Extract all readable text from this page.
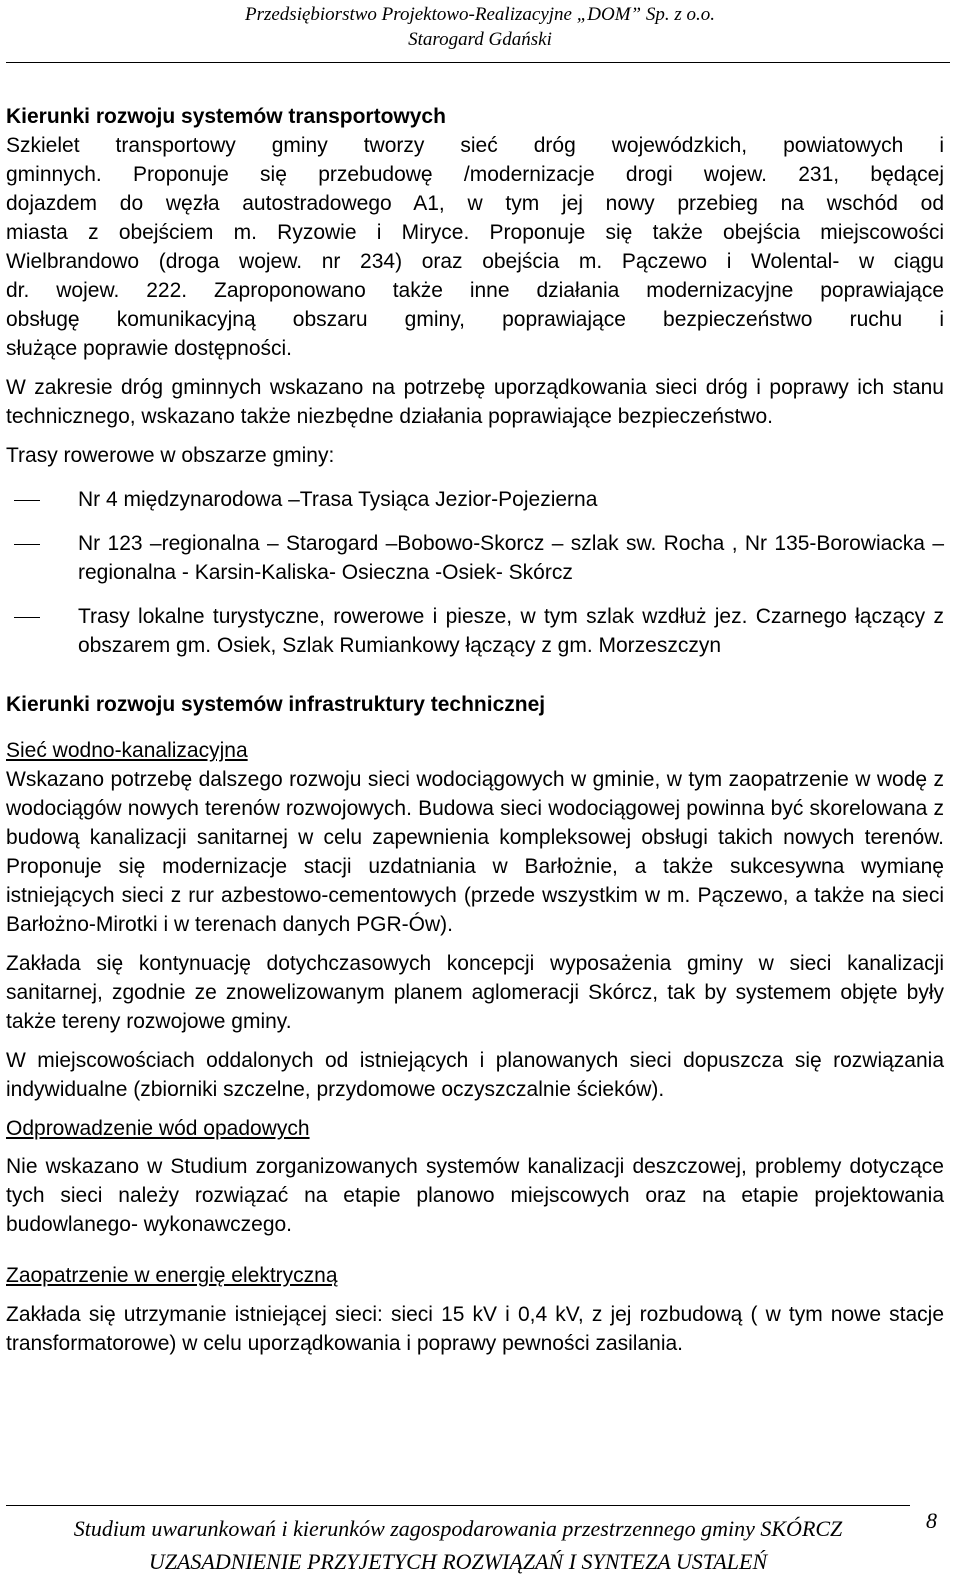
Przedsiębiorstwo Projektowo-Realizacyjne „DOM” Sp. z o.o.
Starogard Gdański

Kierunki rozwoju systemów transportowych

Szkielet transportowy gminy tworzy sieć dróg wojewódzkich, powiatowych i
gminnych. Proponuje się przebudowę /modernizacje drogi wojew. 231, będącej
dojazdem do węzła autostradowego A1, w tym jej nowy przebieg na wschód od
miasta z obejściem m. Ryzowie i Miryce. Proponuje się także obejścia miejscowości
Wielbrandowo (droga wojew. nr 234) oraz obejścia m. Pączewo i Wolental- w ciągu
dr. wojew. 222. Zaproponowano także inne działania modernizacyjne poprawiające
obsługę komunikacyjną obszaru gminy, poprawiające bezpieczeństwo ruchu i
służące poprawie dostępności.

W zakresie dróg gminnych wskazano na potrzebę uporządkowania sieci dróg i poprawy ich stanu technicznego, wskazano także niezbędne działania poprawiające bezpieczeństwo.

Trasy rowerowe w obszarze gminy:

Nr 4 międzynarodowa –Trasa Tysiąca Jezior-Pojezierna

Nr 123 –regionalna – Starogard –Bobowo-Skorcz – szlak sw. Rocha , Nr 135-Borowiacka –regionalna - Karsin-Kaliska- Osieczna -Osiek- Skórcz

Trasy lokalne turystyczne, rowerowe i piesze, w tym szlak wzdłuż jez. Czarnego łączący z obszarem gm. Osiek, Szlak Rumiankowy łączący z gm. Morzeszczyn

Kierunki rozwoju systemów infrastruktury technicznej

Sieć wodno-kanalizacyjna

Wskazano potrzebę dalszego rozwoju sieci wodociągowych w gminie, w tym zaopatrzenie w wodę z wodociągów nowych terenów rozwojowych. Budowa sieci wodociągowej powinna być skorelowana z budową kanalizacji sanitarnej w celu zapewnienia kompleksowej obsługi takich nowych terenów. Proponuje się modernizacje stacji uzdatniania w Barłożnie, a także sukcesywna wymianę istniejących sieci z rur azbestowo-cementowych (przede wszystkim w m. Pączewo, a także na sieci Barłożno-Mirotki i w terenach danych PGR-Ów).

Zakłada się kontynuację dotychczasowych koncepcji wyposażenia gminy w sieci kanalizacji sanitarnej, zgodnie ze znowelizowanym planem aglomeracji Skórcz, tak by systemem objęte były także tereny rozwojowe gminy.

W miejscowościach oddalonych od istniejących i planowanych sieci dopuszcza się rozwiązania indywidualne (zbiorniki szczelne, przydomowe oczyszczalnie ścieków).

Odprowadzenie wód opadowych

Nie wskazano w Studium zorganizowanych systemów kanalizacji deszczowej, problemy dotyczące tych sieci należy rozwiązać na etapie planowo miejscowych oraz na etapie projektowania budowlanego- wykonawczego.

Zaopatrzenie w energię elektryczną

Zakłada się utrzymanie istniejącej sieci: sieci 15 kV i 0,4 kV, z jej rozbudową ( w tym nowe stacje transformatorowe) w celu uporządkowania i poprawy pewności zasilania.

Studium uwarunkowań i kierunków zagospodarowania przestrzennego gminy SKÓRCZ
UZASADNIENIE PRZYJETYCH ROZWIĄZAŃ I SYNTEZA USTALEŃ
8
